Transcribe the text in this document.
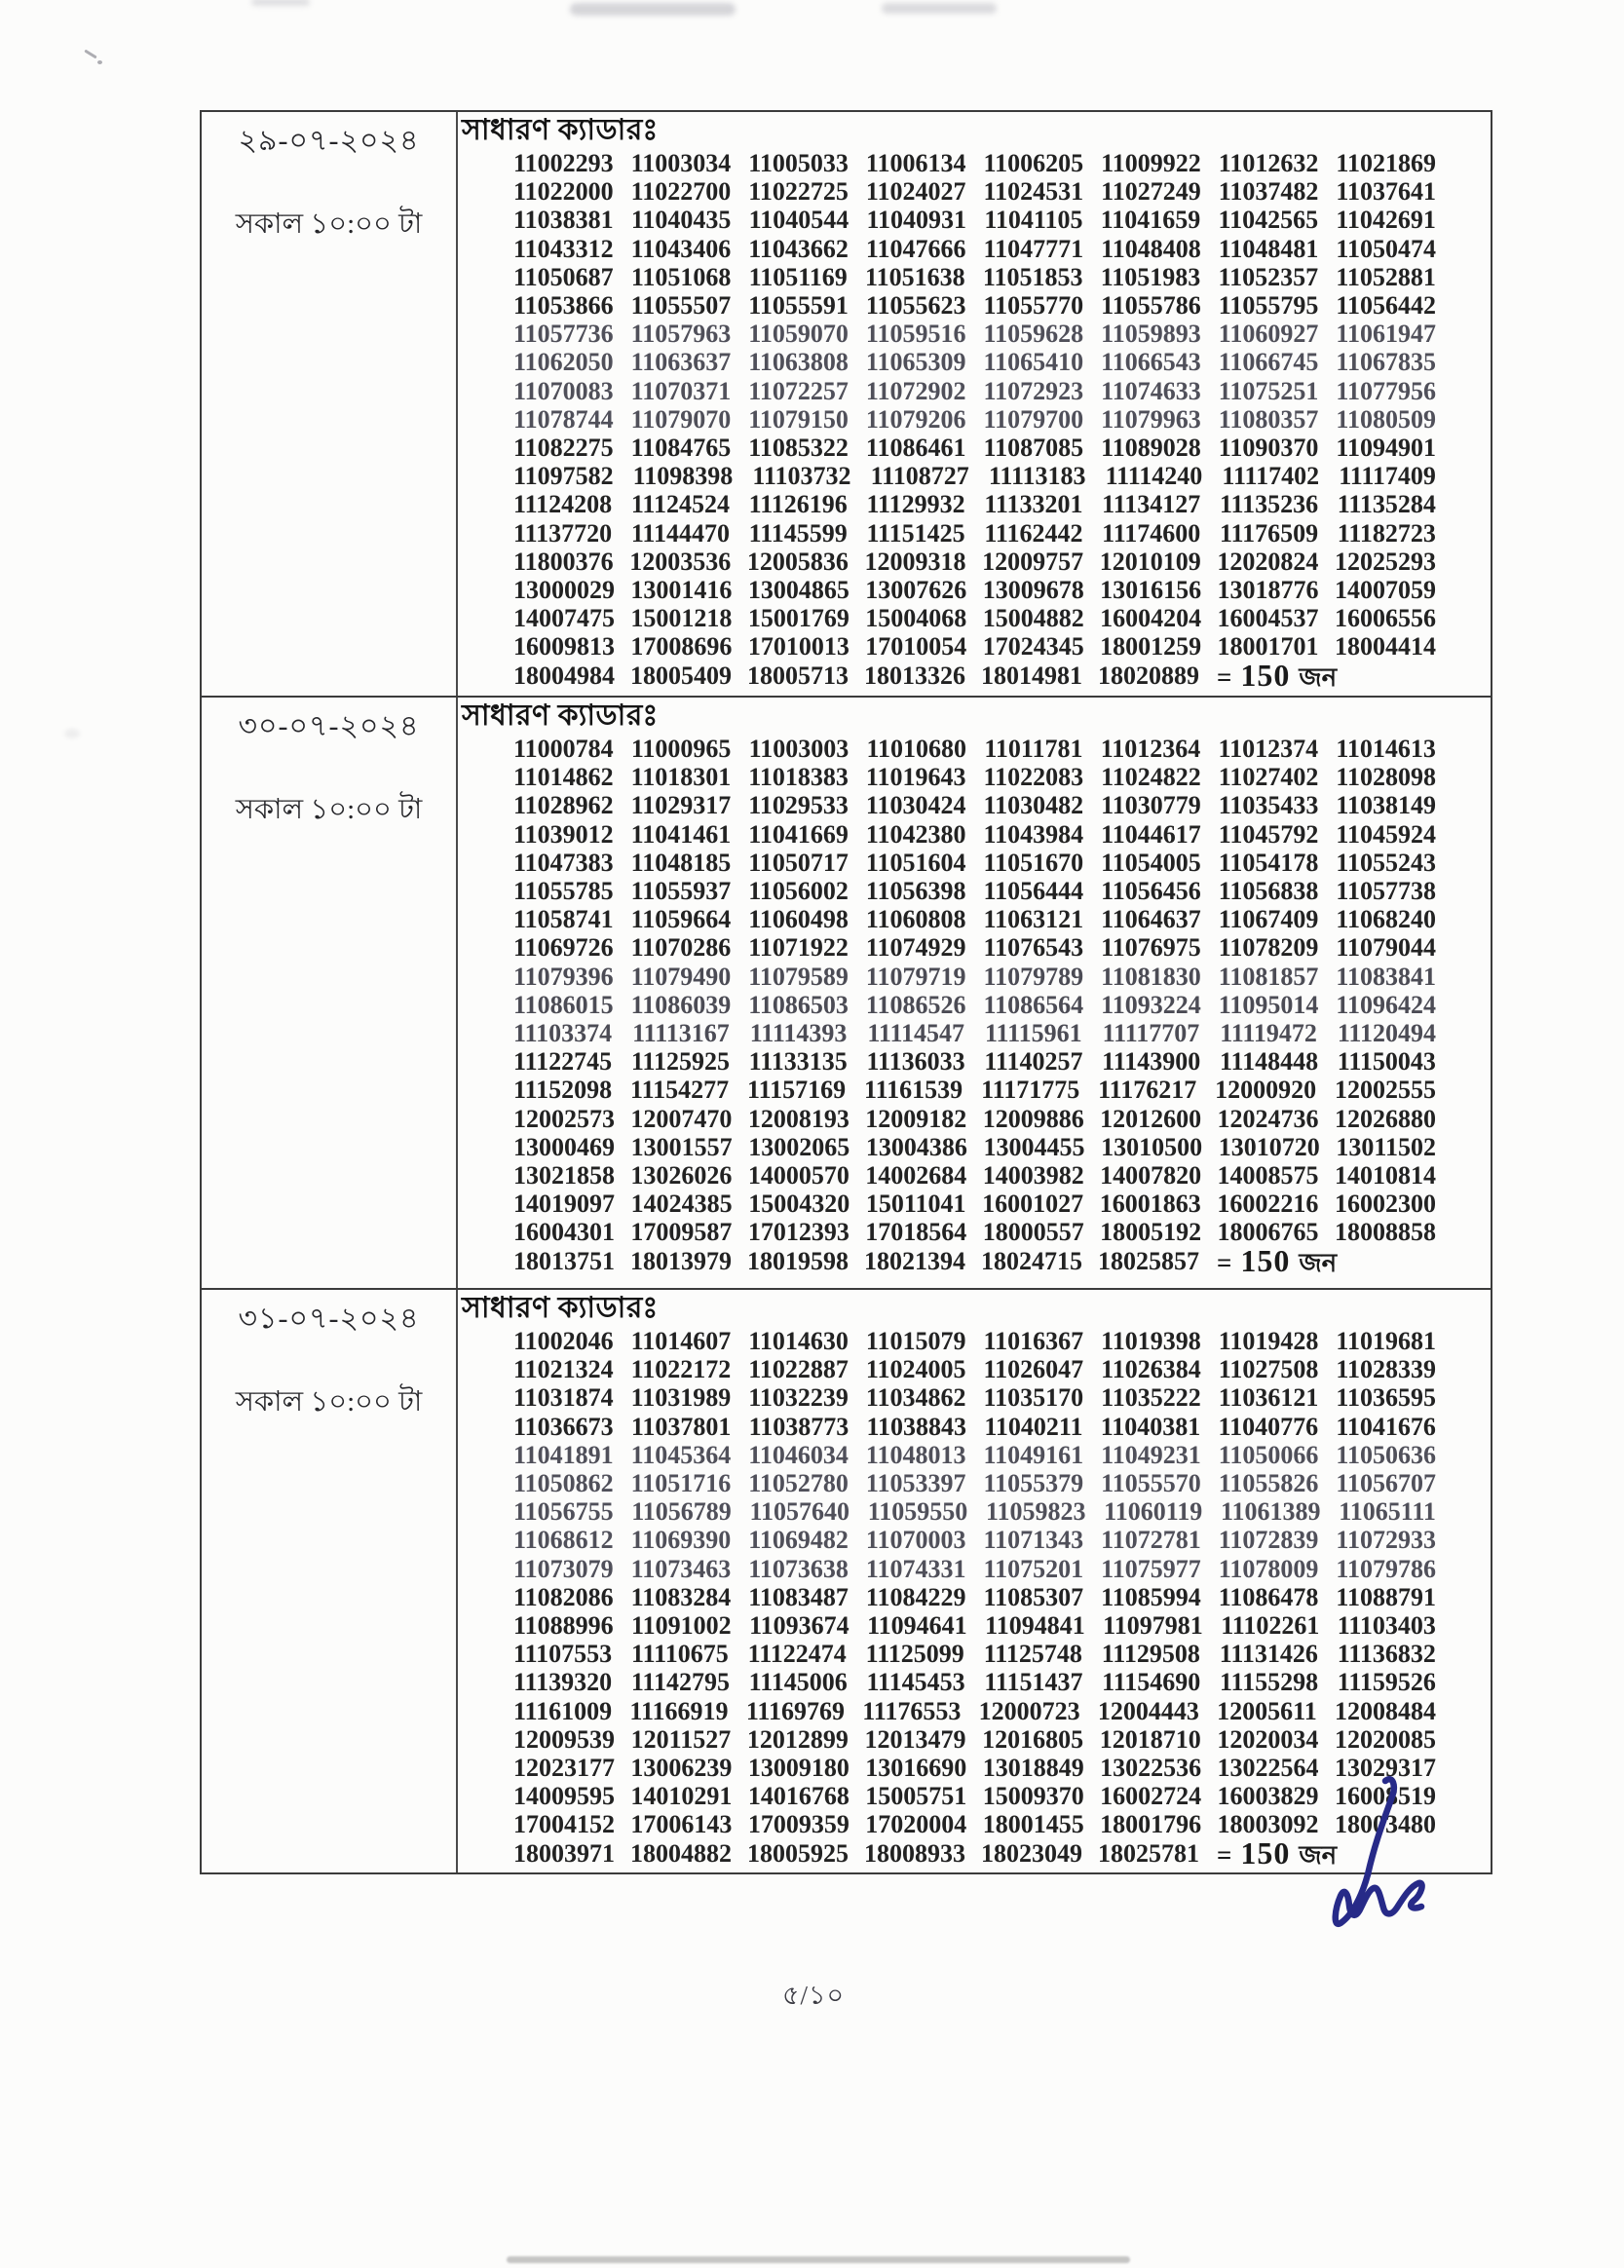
২৯-০৭-২০২৪
সকাল ১০:০০ টা
সাধারণ ক্যাডারঃ
11002293 11003034 11005033 11006134 11006205 11009922 11012632 11021869
11022000 11022700 11022725 11024027 11024531 11027249 11037482 11037641
11038381 11040435 11040544 11040931 11041105 11041659 11042565 11042691
11043312 11043406 11043662 11047666 11047771 11048408 11048481 11050474
11050687 11051068 11051169 11051638 11051853 11051983 11052357 11052881
11053866 11055507 11055591 11055623 11055770 11055786 11055795 11056442
11057736 11057963 11059070 11059516 11059628 11059893 11060927 11061947
11062050 11063637 11063808 11065309 11065410 11066543 11066745 11067835
11070083 11070371 11072257 11072902 11072923 11074633 11075251 11077956
11078744 11079070 11079150 11079206 11079700 11079963 11080357 11080509
11082275 11084765 11085322 11086461 11087085 11089028 11090370 11094901
11097582 11098398 11103732 11108727 11113183 11114240 11117402 11117409
11124208 11124524 11126196 11129932 11133201 11134127 11135236 11135284
11137720 11144470 11145599 11151425 11162442 11174600 11176509 11182723
11800376 12003536 12005836 12009318 12009757 12010109 12020824 12025293
13000029 13001416 13004865 13007626 13009678 13016156 13018776 14007059
14007475 15001218 15001769 15004068 15004882 16004204 16004537 16006556
16009813 17008696 17010013 17010054 17024345 18001259 18001701 18004414
18004984 18005409 18005713 18013326 18014981 18020889 = 150 জন
৩০-০৭-২০২৪
সকাল ১০:০০ টা
সাধারণ ক্যাডারঃ
11000784 11000965 11003003 11010680 11011781 11012364 11012374 11014613
11014862 11018301 11018383 11019643 11022083 11024822 11027402 11028098
11028962 11029317 11029533 11030424 11030482 11030779 11035433 11038149
11039012 11041461 11041669 11042380 11043984 11044617 11045792 11045924
11047383 11048185 11050717 11051604 11051670 11054005 11054178 11055243
11055785 11055937 11056002 11056398 11056444 11056456 11056838 11057738
11058741 11059664 11060498 11060808 11063121 11064637 11067409 11068240
11069726 11070286 11071922 11074929 11076543 11076975 11078209 11079044
11079396 11079490 11079589 11079719 11079789 11081830 11081857 11083841
11086015 11086039 11086503 11086526 11086564 11093224 11095014 11096424
11103374 11113167 11114393 11114547 11115961 11117707 11119472 11120494
11122745 11125925 11133135 11136033 11140257 11143900 11148448 11150043
11152098 11154277 11157169 11161539 11171775 11176217 12000920 12002555
12002573 12007470 12008193 12009182 12009886 12012600 12024736 12026880
13000469 13001557 13002065 13004386 13004455 13010500 13010720 13011502
13021858 13026026 14000570 14002684 14003982 14007820 14008575 14010814
14019097 14024385 15004320 15011041 16001027 16001863 16002216 16002300
16004301 17009587 17012393 17018564 18000557 18005192 18006765 18008858
18013751 18013979 18019598 18021394 18024715 18025857 = 150 জন
৩১-০৭-২০২৪
সকাল ১০:০০ টা
সাধারণ ক্যাডারঃ
11002046 11014607 11014630 11015079 11016367 11019398 11019428 11019681
11021324 11022172 11022887 11024005 11026047 11026384 11027508 11028339
11031874 11031989 11032239 11034862 11035170 11035222 11036121 11036595
11036673 11037801 11038773 11038843 11040211 11040381 11040776 11041676
11041891 11045364 11046034 11048013 11049161 11049231 11050066 11050636
11050862 11051716 11052780 11053397 11055379 11055570 11055826 11056707
11056755 11056789 11057640 11059550 11059823 11060119 11061389 11065111
11068612 11069390 11069482 11070003 11071343 11072781 11072839 11072933
11073079 11073463 11073638 11074331 11075201 11075977 11078009 11079786
11082086 11083284 11083487 11084229 11085307 11085994 11086478 11088791
11088996 11091002 11093674 11094641 11094841 11097981 11102261 11103403
11107553 11110675 11122474 11125099 11125748 11129508 11131426 11136832
11139320 11142795 11145006 11145453 11151437 11154690 11155298 11159526
11161009 11166919 11169769 11176553 12000723 12004443 12005611 12008484
12009539 12011527 12012899 12013479 12016805 12018710 12020034 12020085
12023177 13006239 13009180 13016690 13018849 13022536 13022564 13029317
14009595 14010291 14016768 15005751 15009370 16002724 16003829 16008519
17004152 17006143 17009359 17020004 18001455 18001796 18003092 18003480
18003971 18004882 18005925 18008933 18023049 18025781 = 150 জন
৫/১০
